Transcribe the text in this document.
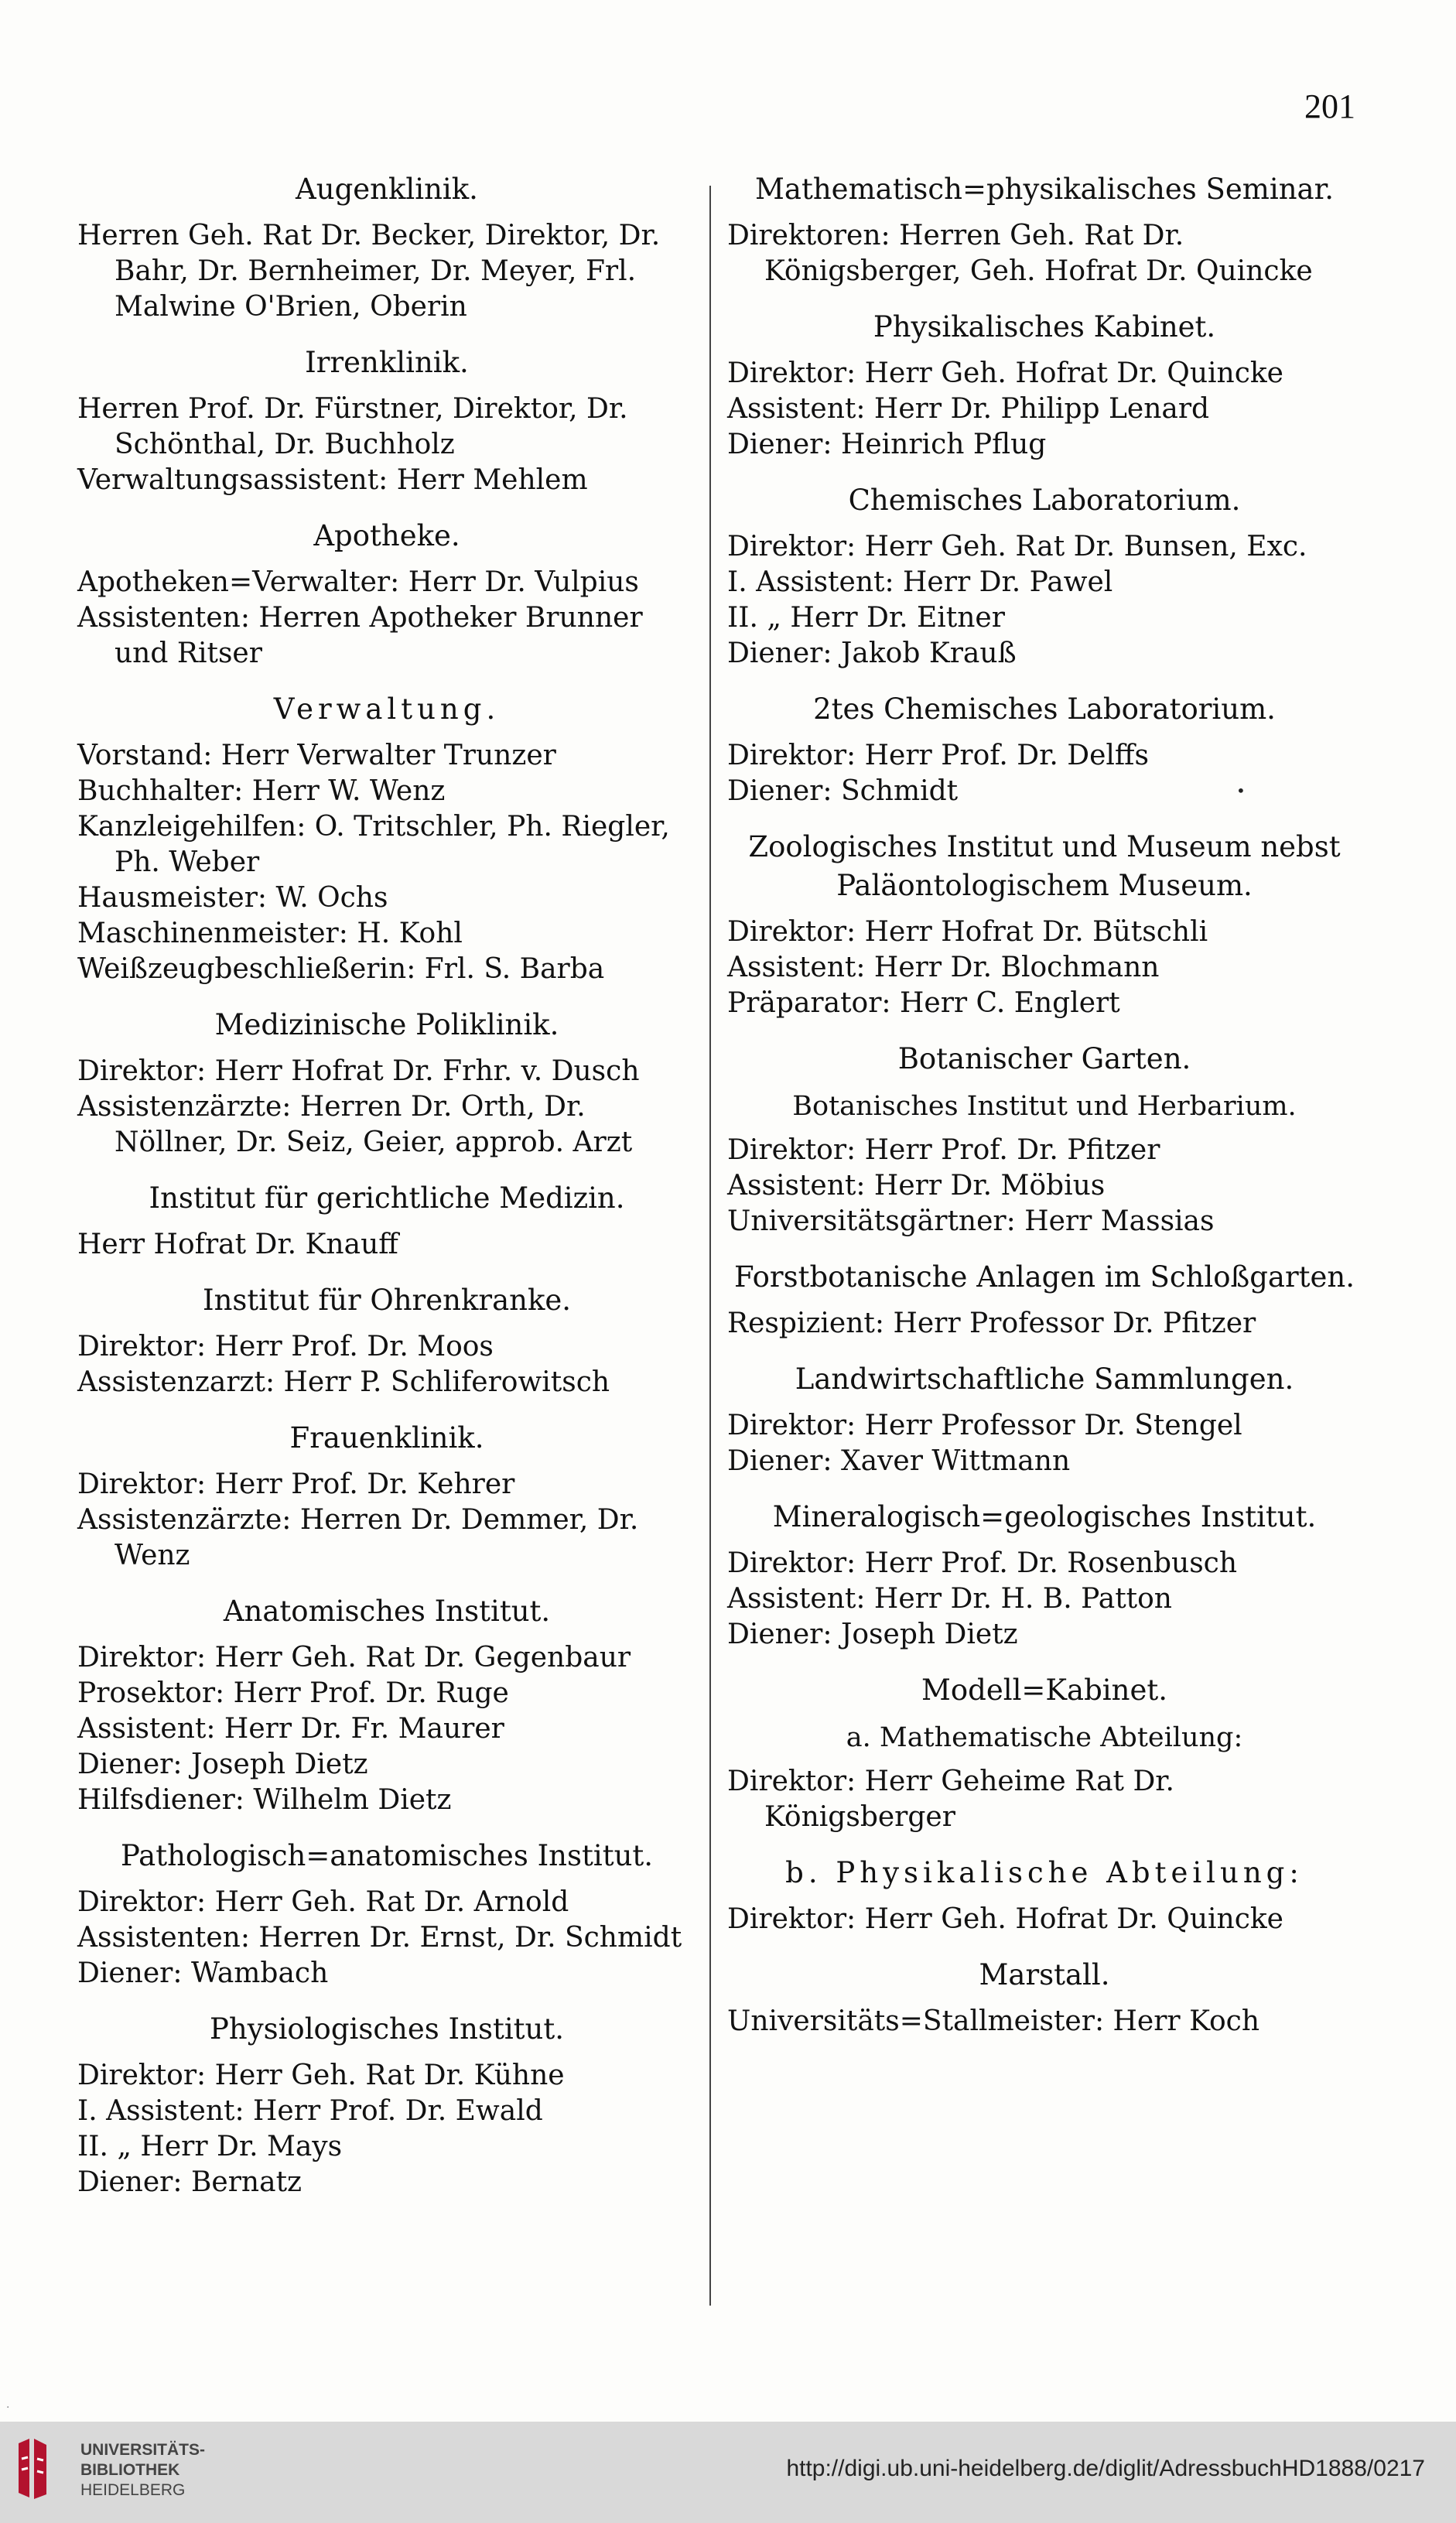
201
Augenklinik.
Herren Geh. Rat Dr. Becker, Direktor, Dr. Bahr, Dr. Bernheimer, Dr. Meyer, Frl. Malwine O'Brien, Oberin
Irrenklinik.
Herren Prof. Dr. Fürstner, Direktor, Dr. Schönthal, Dr. Buchholz
Verwaltungsassistent: Herr Mehlem
Apotheke.
Apotheken=Verwalter: Herr Dr. Vulpius
Assistenten: Herren Apotheker Brunner und Ritser
Verwaltung.
Vorstand: Herr Verwalter Trunzer
Buchhalter: Herr W. Wenz
Kanzleigehilfen: O. Tritschler, Ph. Riegler, Ph. Weber
Hausmeister: W. Ochs
Maschinenmeister: H. Kohl
Weißzeugbeschließerin: Frl. S. Barba
Medizinische Poliklinik.
Direktor: Herr Hofrat Dr. Frhr. v. Dusch
Assistenzärzte: Herren Dr. Orth, Dr. Nöllner, Dr. Seiz, Geier, approb. Arzt
Institut für gerichtliche Medizin.
Herr Hofrat Dr. Knauff
Institut für Ohrenkranke.
Direktor: Herr Prof. Dr. Moos
Assistenzarzt: Herr P. Schliferowitsch
Frauenklinik.
Direktor: Herr Prof. Dr. Kehrer
Assistenzärzte: Herren Dr. Demmer, Dr. Wenz
Anatomisches Institut.
Direktor: Herr Geh. Rat Dr. Gegenbaur
Prosektor: Herr Prof. Dr. Ruge
Assistent: Herr Dr. Fr. Maurer
Diener: Joseph Dietz
Hilfsdiener: Wilhelm Dietz
Pathologisch=anatomisches Institut.
Direktor: Herr Geh. Rat Dr. Arnold
Assistenten: Herren Dr. Ernst, Dr. Schmidt
Diener: Wambach
Physiologisches Institut.
Direktor: Herr Geh. Rat Dr. Kühne
I. Assistent: Herr Prof. Dr. Ewald
II. „ Herr Dr. Mays
Diener: Bernatz
Mathematisch=physikalisches Seminar.
Direktoren: Herren Geh. Rat Dr. Königsberger, Geh. Hofrat Dr. Quincke
Physikalisches Kabinet.
Direktor: Herr Geh. Hofrat Dr. Quincke
Assistent: Herr Dr. Philipp Lenard
Diener: Heinrich Pflug
Chemisches Laboratorium.
Direktor: Herr Geh. Rat Dr. Bunsen, Exc.
I. Assistent: Herr Dr. Pawel
II. „ Herr Dr. Eitner
Diener: Jakob Krauß
2tes Chemisches Laboratorium.
Direktor: Herr Prof. Dr. Delffs
Diener: Schmidt
Zoologisches Institut und Museum nebst Paläontologischem Museum.
Direktor: Herr Hofrat Dr. Bütschli
Assistent: Herr Dr. Blochmann
Präparator: Herr C. Englert
Botanischer Garten.
Botanisches Institut und Herbarium.
Direktor: Herr Prof. Dr. Pfitzer
Assistent: Herr Dr. Möbius
Universitätsgärtner: Herr Massias
Forstbotanische Anlagen im Schloßgarten.
Respizient: Herr Professor Dr. Pfitzer
Landwirtschaftliche Sammlungen.
Direktor: Herr Professor Dr. Stengel
Diener: Xaver Wittmann
Mineralogisch=geologisches Institut.
Direktor: Herr Prof. Dr. Rosenbusch
Assistent: Herr Dr. H. B. Patton
Diener: Joseph Dietz
Modell=Kabinet.
a. Mathematische Abteilung:
Direktor: Herr Geheime Rat Dr. Königsberger
b. Physikalische Abteilung:
Direktor: Herr Geh. Hofrat Dr. Quincke
Marstall.
Universitäts=Stallmeister: Herr Koch
·
•
UNIVERSITÄTS-
BIBLIOTHEK
HEIDELBERG
http://digi.ub.uni-heidelberg.de/diglit/AdressbuchHD1888/0217
